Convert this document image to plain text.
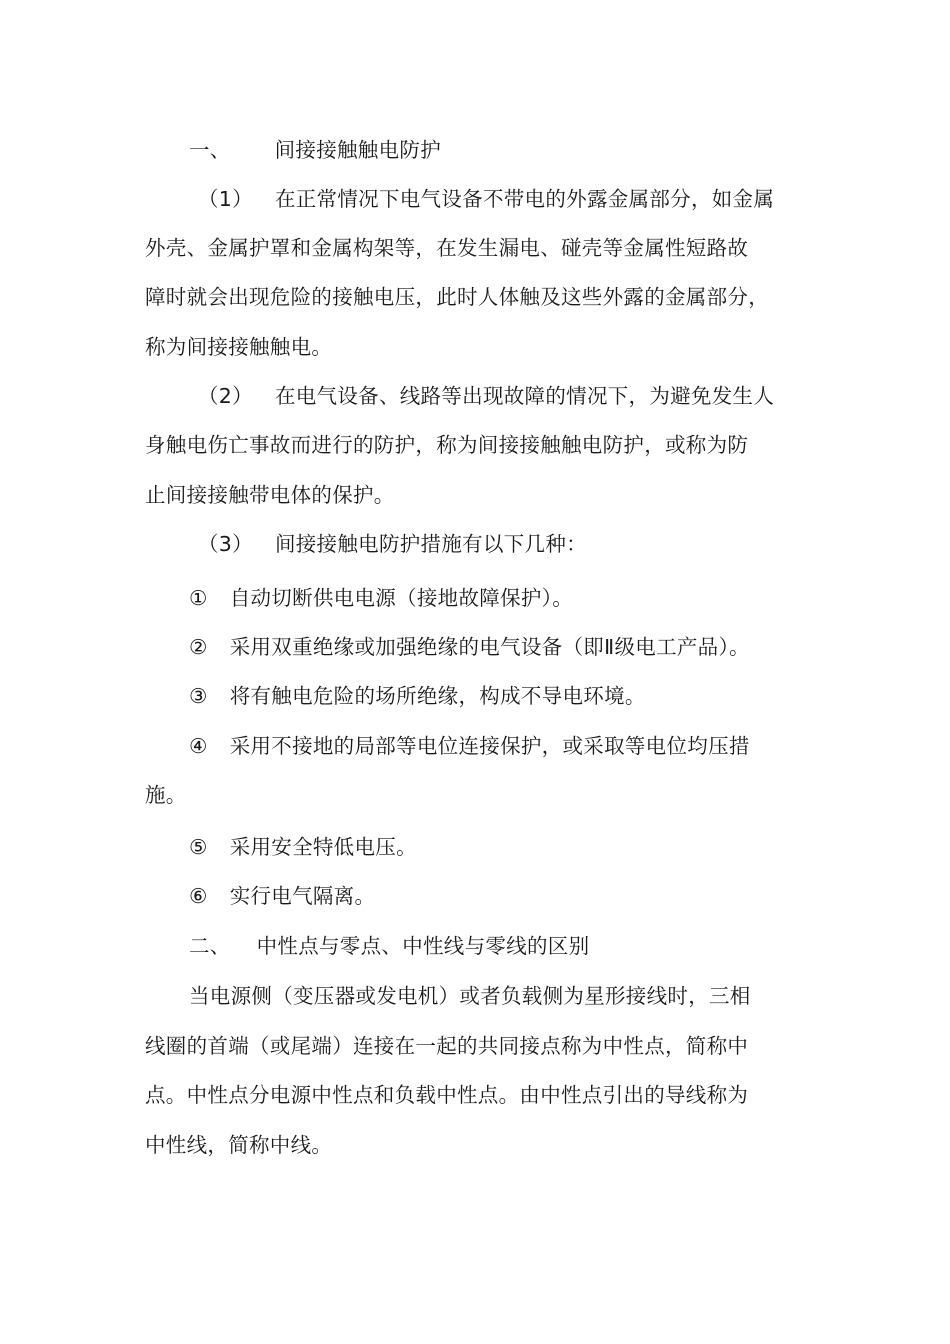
一、 间接接触触电防护
（1） 在正常情况下电气设备不带电的外露金属部分，如金属
外壳、金属护罩和金属构架等，在发生漏电、碰壳等金属性短路故
障时就会出现危险的接触电压，此时人体触及这些外露的金属部分，
称为间接接触触电。
（2） 在电气设备、线路等出现故障的情况下，为避免发生人
身触电伤亡事故而进行的防护，称为间接接触触电防护，或称为防
止间接接触带电体的保护。
（3） 间接接触电防护措施有以下几种：
① 自动切断供电电源（接地故障保护）。
② 采用双重绝缘或加强绝缘的电气设备（即Ⅱ级电工产品）。
③ 将有触电危险的场所绝缘，构成不导电环境。
④ 采用不接地的局部等电位连接保护，或采取等电位均压措
施。
⑤ 采用安全特低电压。
⑥ 实行电气隔离。
二、 中性点与零点、中性线与零线的区别
当电源侧（变压器或发电机）或者负载侧为星形接线时，三相
线圈的首端（或尾端）连接在一起的共同接点称为中性点，简称中
点。中性点分电源中性点和负载中性点。由中性点引出的导线称为
中性线，简称中线。
